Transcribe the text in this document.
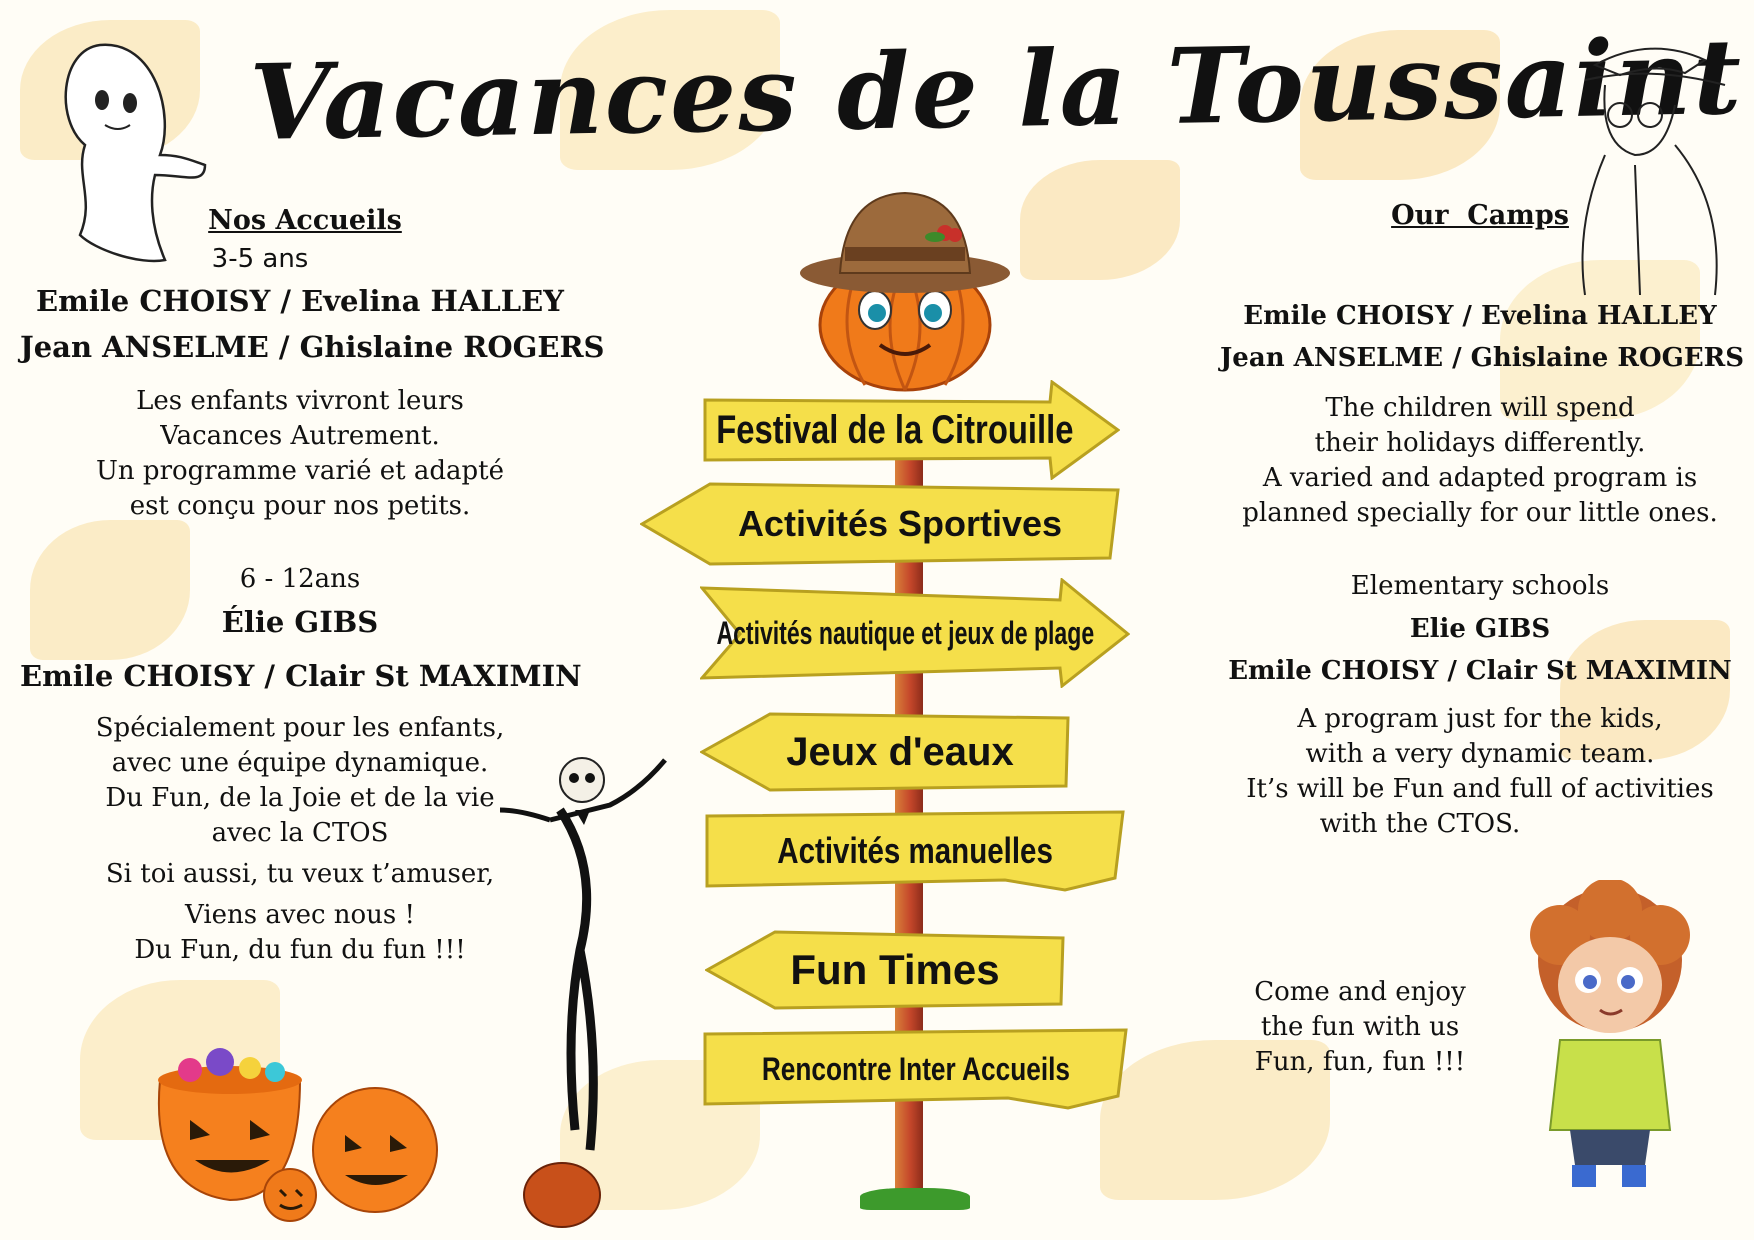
Vacances de la Toussaint
Nos Accueils
3-5 ans
Emile CHOISY / Evelina HALLEY
Jean ANSELME / Ghislaine ROGERS
Les enfants vivront leurs
Vacances Autrement.
Un programme varié et adapté
est conçu pour nos petits.
6 - 12ans
Élie GIBS
Emile CHOISY / Clair St MAXIMIN
Spécialement pour les enfants,
avec une équipe dynamique.
Du Fun, de la Joie et de la vie
avec la CTOS
Si toi aussi, tu veux t’amuser,
Viens avec nous !
Du Fun, du fun du fun !!!
Our  Camps
Emile CHOISY / Evelina HALLEY
Jean ANSELME / Ghislaine ROGERS
The children will spend
their holidays differently.
A varied and adapted program is
planned specially for our little ones.
Elementary schools
Elie GIBS
Emile CHOISY / Clair St MAXIMIN
A program just for the kids,
with a very dynamic team.
It’s will be Fun and full of activities
with the CTOS.
Come and enjoy
the fun with us
Fun, fun, fun !!!
Festival de la Citrouille
Activités Sportives
Activités nautique et jeux de plage
Jeux d'eaux
Activités manuelles
Fun Times
Rencontre Inter Accueils
